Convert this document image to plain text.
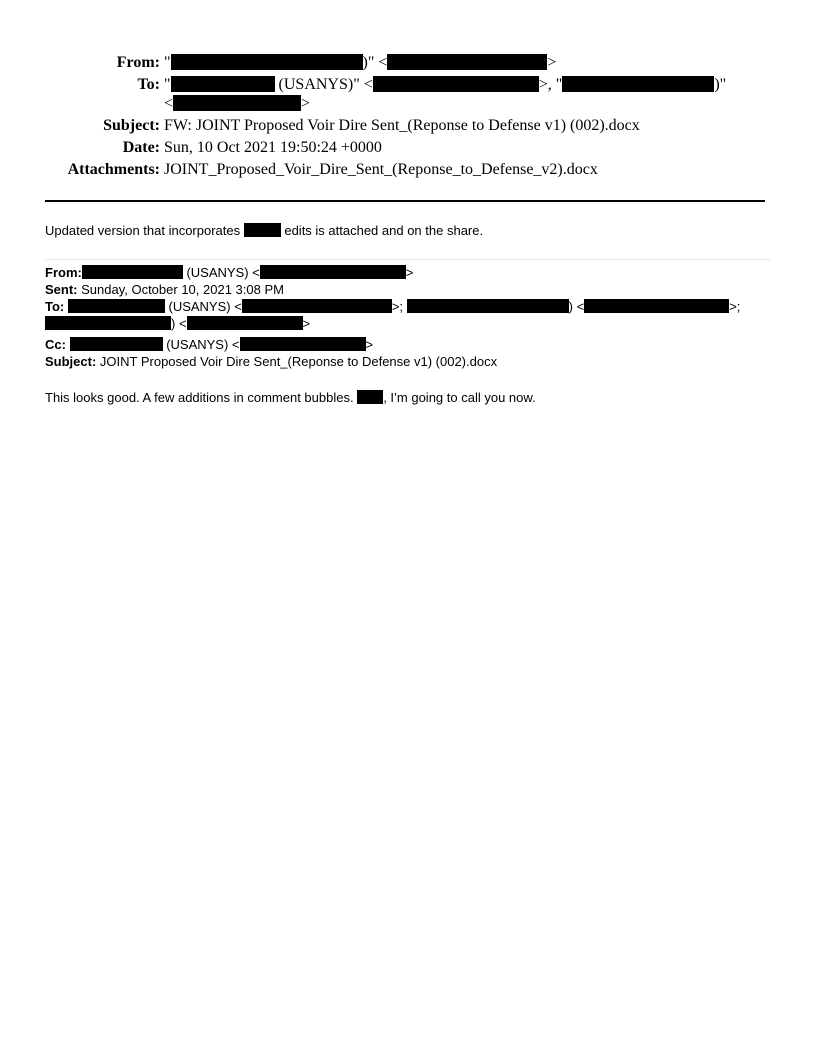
From: "	)" <	>
To: "	(USANYS)" <	>, "	)"
<	>
Subject: FW: JOINT Proposed Voir Dire Sent_(Reponse to Defense v1) (002).docx
Date: Sun, 10 Oct 2021 19:50:24 +0000
Attachments: JOINT_Proposed_Voir_Dire_Sent_(Reponse_to_Defense_v2).docx
Updated version that incorporates	edits is attached and on the share.
From:	(USANYS) <	>
Sent: Sunday, October 10, 2021 3:08 PM
To:	(USANYS) <	>;	) <	>;
) <	>
Cc:	(USANYS) <	>
Subject: JOINT Proposed Voir Dire Sent_(Reponse to Defense v1) (002).docx
This looks good. A few additions in comment bubbles. , I’m going to call you now.
